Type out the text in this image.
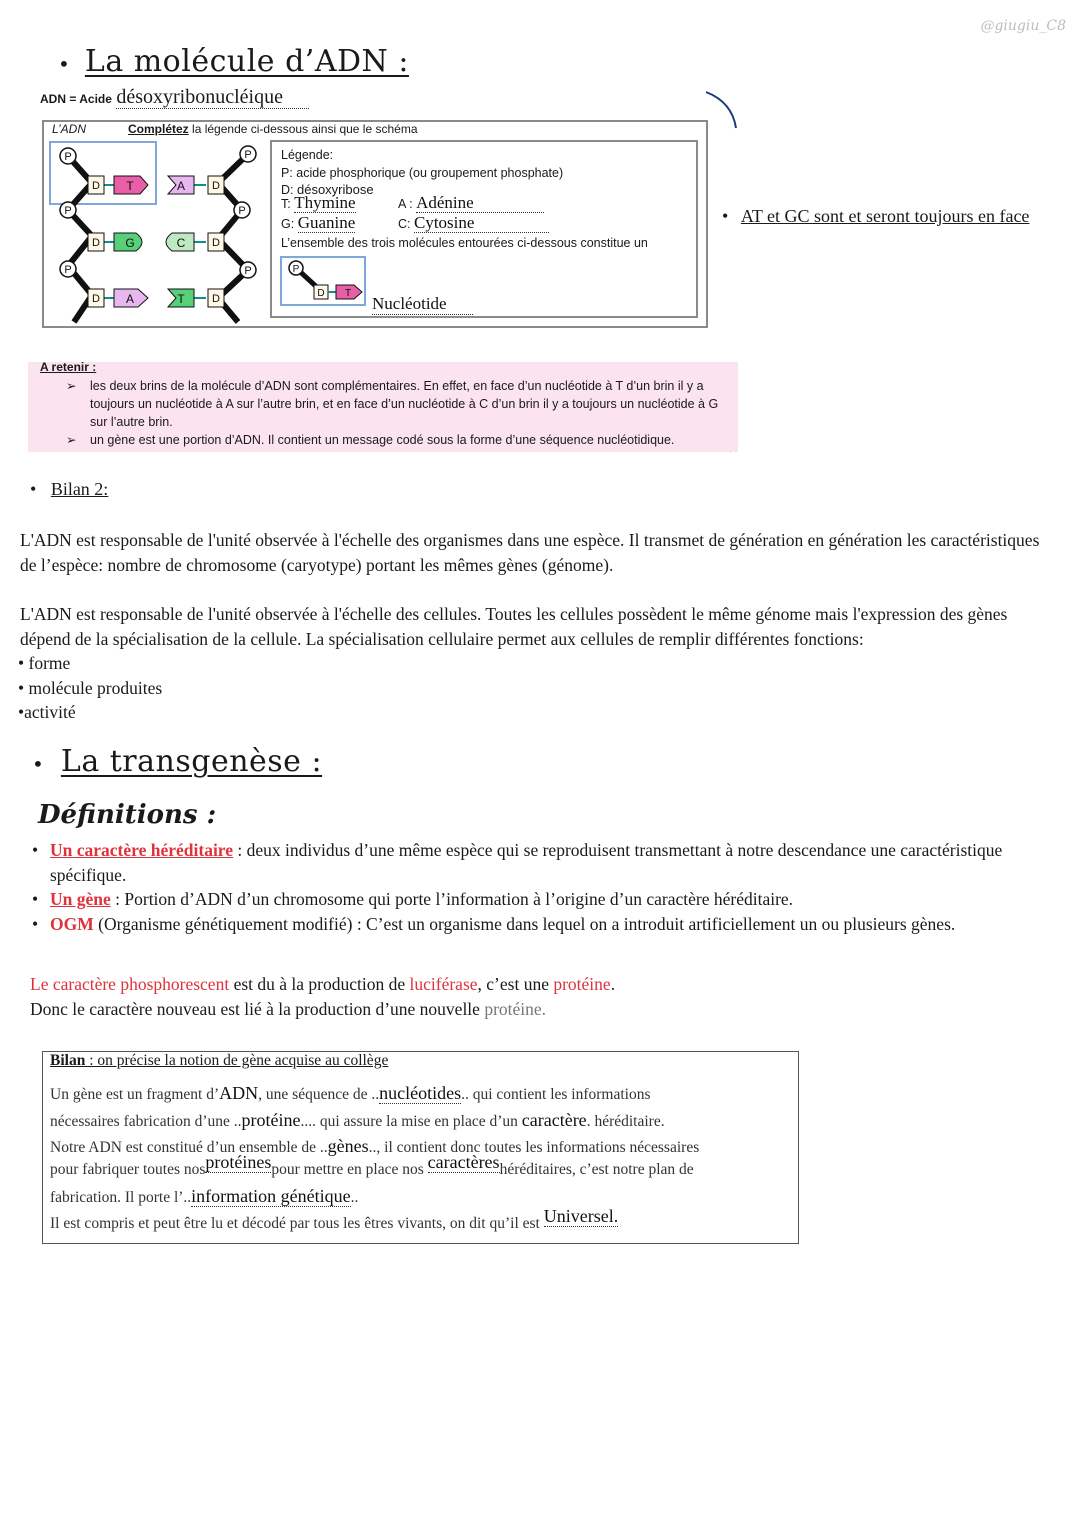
@giugiu_C8
• La molécule d’ADN :
ADN = Acide désoxyribonucléique
L’ADN	Complétez la légende ci-dessous ainsi que le schéma
P
P
P
P
P
P
D	D
D	D
D	D
T
G
A
A
C
T
Légende:
P: acide phosphorique (ou groupement phosphate)
D: désoxyribose
T: Thymine	A : Adénine
G: Guanine	C: Cytosine
L’ensemble des trois molécules entourées ci-dessous constitue un
P
D T
Nucléotide
• AT et GC sont et seront toujours en face
A retenir :
➢	les deux brins de la molécule d’ADN sont complémentaires. En effet, en face d’un nucléotide à T d’un brin il y a toujours un nucléotide à A sur l’autre brin, et en face d’un nucléotide à C d’un brin il y a toujours un nucléotide à G sur l’autre brin.
➢	un gène est une portion d’ADN. Il contient un message codé sous la forme d’une séquence nucléotidique.
• Bilan 2:
L'ADN est responsable de l'unité observée à l'échelle des organismes dans une espèce. Il transmet de génération en génération les caractéristiques de l’espèce: nombre de chromosome (caryotype) portant les mêmes gènes (génome).
L'ADN est responsable de l'unité observée à l'échelle des cellules. Toutes les cellules possèdent le même génome mais l'expression des gènes dépend de la spécialisation de la cellule. La spécialisation cellulaire permet aux cellules de remplir différentes fonctions:
• forme
• molécule produites
•activité
• La transgenèse :
Définitions :
• Un caractère héréditaire : deux individus d’une même espèce qui se reproduisent transmettant à notre descendance une caractéristique spécifique.
• Un gène : Portion d’ADN d’un chromosome qui porte l’information à l’origine d’un caractère héréditaire.
• OGM (Organisme génétiquement modifié) : C’est un organisme dans lequel on a introduit artificiellement un ou plusieurs gènes.
Le caractère phosphorescent est du à la production de luciférase, c’est une protéine.
Donc le caractère nouveau est lié à la production d’une nouvelle protéine.
Bilan : on précise la notion de gène acquise au collège
Un gène est un fragment d’ADN, une séquence de ..nucléotides.. qui contient les informations
nécessaires fabrication d’une ..protéine.... qui assure la mise en place d’un caractère. héréditaire.
Notre ADN est constitué d’un ensemble de ..gènes.., il contient donc toutes les informations nécessaires
pour fabriquer toutes nosprotéinespour mettre en place nos caractèreshéréditaires, c’est notre plan de
fabrication. Il porte l’..information génétique..
Il est compris et peut être lu et décodé par tous les êtres vivants, on dit qu’il est Universel.
